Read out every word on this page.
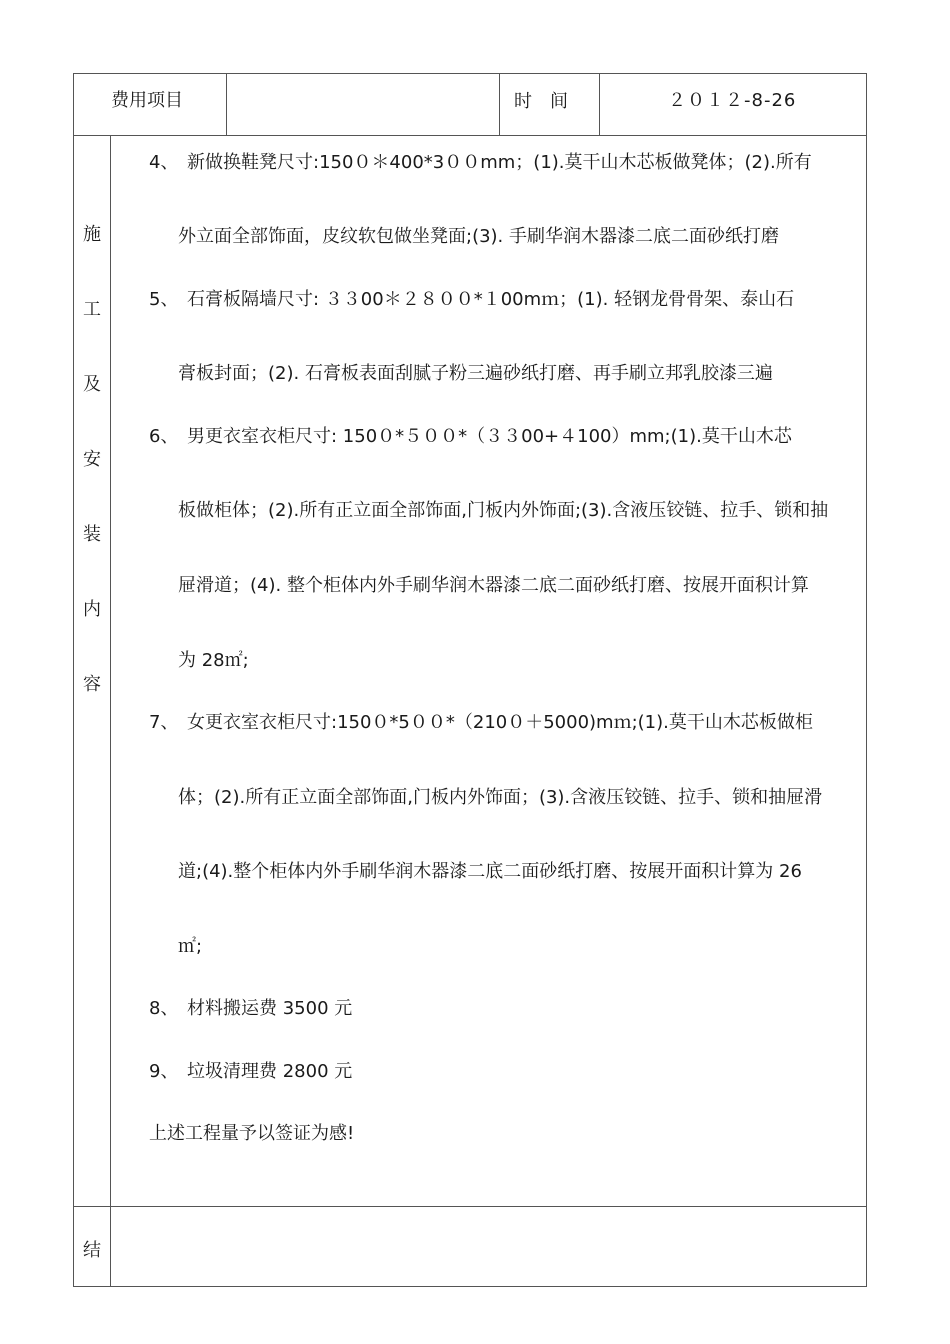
费用项目	时　间	２０１２-8-26
施
工
及
安
装
内
容
4、 新做换鞋凳尺寸:150０＊400*3００mm；(1).莫干山木芯板做凳体；(2).所有
外立面全部饰面，皮纹软包做坐凳面;(3). 手刷华润木器漆二底二面砂纸打磨
5、 石膏板隔墙尺寸: ３３00＊２８００*１00mｍ；(1). 轻钢龙骨骨架、泰山石
膏板封面；(2). 石膏板表面刮腻子粉三遍砂纸打磨、再手刷立邦乳胶漆三遍
6、 男更衣室衣柜尺寸: 150０*５００*（３３00+４100）mm;(1).莫干山木芯
板做柜体；(2).所有正立面全部饰面,门板内外饰面;(3).含液压铰链、拉手、锁和抽
屉滑道；(4). 整个柜体内外手刷华润木器漆二底二面砂纸打磨、按展开面积计算
为 28㎡;
7、 女更衣室衣柜尺寸:150０*5００*（210０＋5000)mｍ;(1).莫干山木芯板做柜
体；(2).所有正立面全部饰面,门板内外饰面；(3).含液压铰链、拉手、锁和抽屉滑
道;(4).整个柜体内外手刷华润木器漆二底二面砂纸打磨、按展开面积计算为 26
㎡;
8、 材料搬运费 3500 元
9、 垃圾清理费 2800 元
上述工程量予以签证为感!
结
